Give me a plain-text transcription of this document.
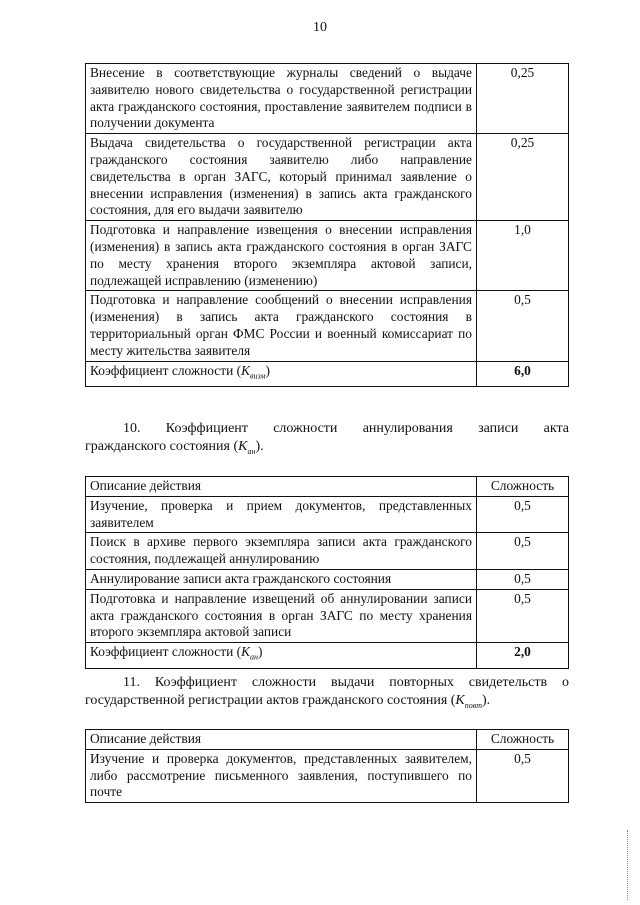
10
Внесение в соответствующие журналы сведений о выдаче заявителю нового свидетельства о государственной регистрации акта гражданского состояния, проставление заявителем подписи в получении документа	0,25
Выдача свидетельства о государственной регистрации акта гражданского состояния заявителю либо направление свидетельства в орган ЗАГС, который принимал заявление о внесении исправления (изменения) в запись акта гражданского состояния, для его выдачи заявителю	0,25
Подготовка и направление извещения о внесении исправления (изменения) в запись акта гражданского состояния в орган ЗАГС по месту хранения второго экземпляра актовой записи, подлежащей исправлению (изменению)	1,0
Подготовка и направление сообщений о внесении исправления (изменения) в запись акта гражданского состояния в территориальный орган ФМС России и военный комиссариат по месту жительства заявителя	0,5
Коэффициент сложности $(K_{визм})$	6,0
10. Коэффициент сложности аннулирования записи акта
гражданского состояния $(K_{ан})$.
Описание действия	Сложность
Изучение, проверка и прием документов, представленных заявителем	0,5
Поиск в архиве первого экземпляра записи акта гражданского состояния, подлежащей аннулированию	0,5
Аннулирование записи акта гражданского состояния	0,5
Подготовка и направление извещений об аннулировании записи акта гражданского состояния в орган ЗАГС по месту хранения второго экземпляра актовой записи	0,5
Коэффициент сложности $(K_{ан})$	2,0
11. Коэффициент сложности выдачи повторных свидетельств о
государственной регистрации актов гражданского состояния $(K_{повт})$.
Описание действия	Сложность
Изучение и проверка документов, представленных заявителем, либо рассмотрение письменного заявления, поступившего по почте	0,5
